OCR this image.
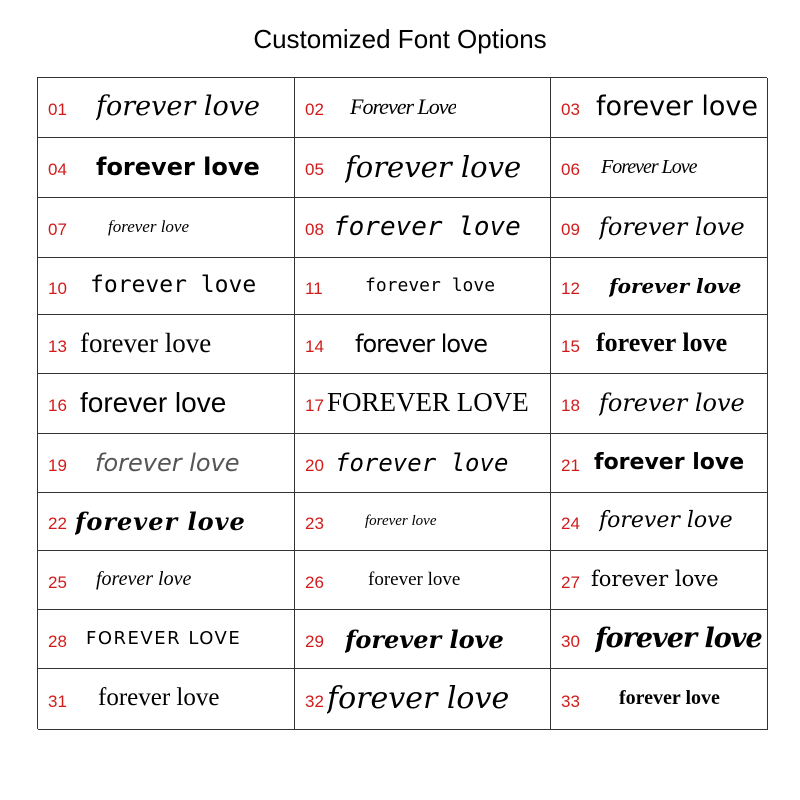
Customized Font Options
01 forever love	02 Forever Love	03 forever love
04 forever love	05 forever love 06 Forever Love
07 forever love	08 forever love 09 forever love
10 forever love	11 forever love	12 forever love
13 forever love	14 forever love	15 forever love
16 forever love	17 FOREVER LOVE 18 forever love
19 forever love	20 forever love	21 forever love
22 forever love	23	forever love	24 forever love
25 forever love	26 forever love	27 forever love
28 FOREVER LOVE	29 forever love	30 forever love
31 forever love	32 forever love	33 forever love
